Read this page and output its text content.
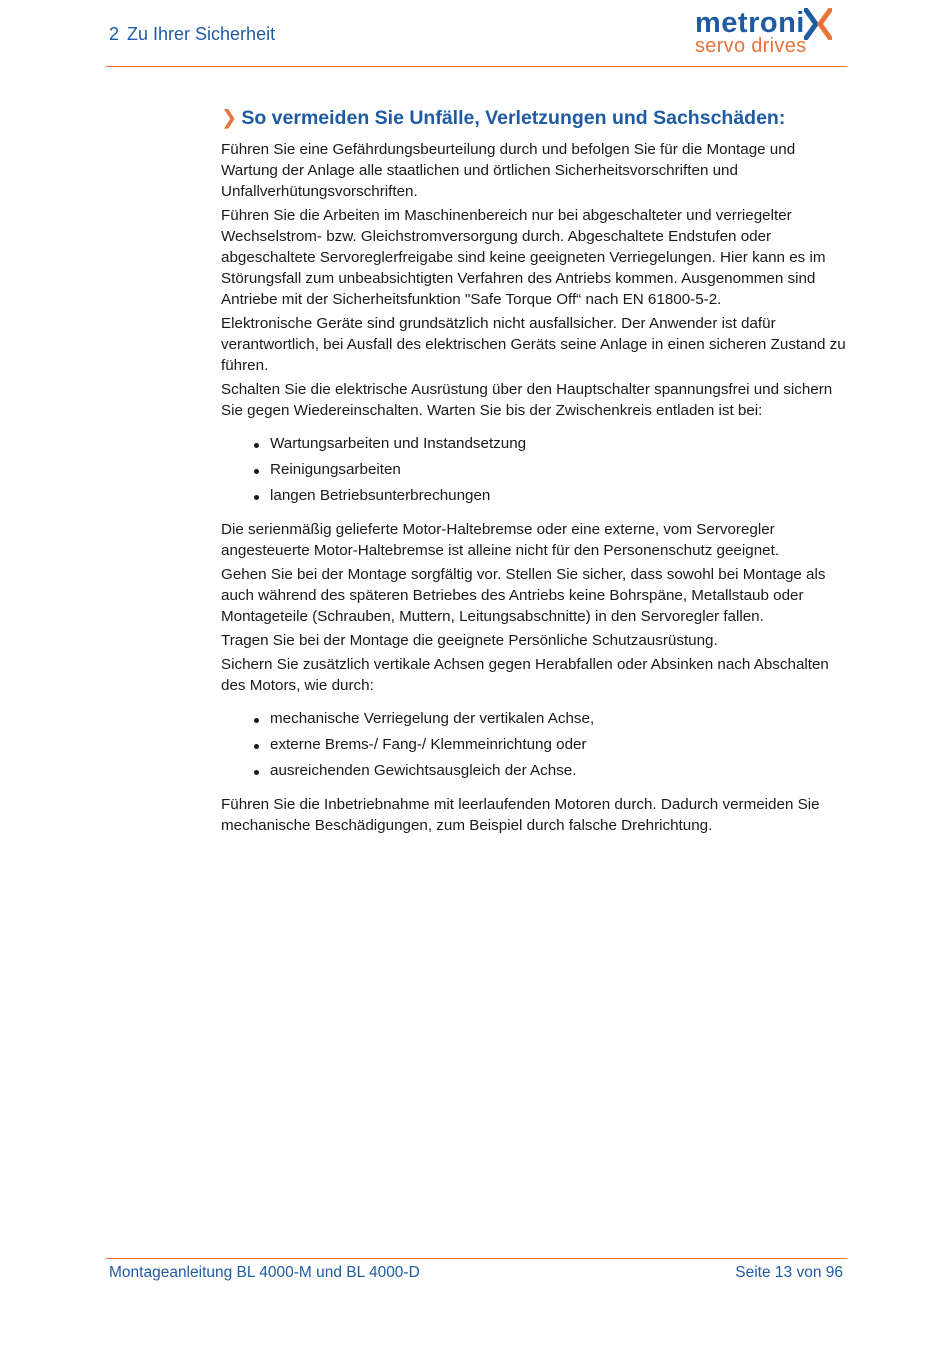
2 Zu Ihrer Sicherheit	metroni
servo drives
❯ So vermeiden Sie Unfälle, Verletzungen und Sachschäden:

Führen Sie eine Gefährdungsbeurteilung durch und befolgen Sie für die Montage und Wartung der Anlage alle staatlichen und örtlichen Sicherheitsvorschriften und Unfallverhütungsvorschriften.

Führen Sie die Arbeiten im Maschinenbereich nur bei abgeschalteter und verriegelter Wechselstrom- bzw. Gleichstromversorgung durch. Abgeschaltete Endstufen oder abgeschaltete Servoreglerfreigabe sind keine geeigneten Verriegelungen. Hier kann es im Störungsfall zum unbeabsichtigten Verfahren des Antriebs kommen. Ausgenommen sind Antriebe mit der Sicherheitsfunktion "Safe Torque Off“ nach EN 61800-5-2.

Elektronische Geräte sind grundsätzlich nicht ausfallsicher. Der Anwender ist dafür verantwortlich, bei Ausfall des elektrischen Geräts seine Anlage in einen sicheren Zustand zu führen.

Schalten Sie die elektrische Ausrüstung über den Hauptschalter spannungsfrei und sichern Sie gegen Wiedereinschalten. Warten Sie bis der Zwischenkreis entladen ist bei:

Wartungsarbeiten und Instandsetzung
Reinigungsarbeiten
langen Betriebsunterbrechungen

Die serienmäßig gelieferte Motor-Haltebremse oder eine externe, vom Servoregler angesteuerte Motor-Haltebremse ist alleine nicht für den Personenschutz geeignet.

Gehen Sie bei der Montage sorgfältig vor. Stellen Sie sicher, dass sowohl bei Montage als auch während des späteren Betriebes des Antriebs keine Bohrspäne, Metallstaub oder Montageteile (Schrauben, Muttern, Leitungsabschnitte) in den Servoregler fallen.

Tragen Sie bei der Montage die geeignete Persönliche Schutzausrüstung.

Sichern Sie zusätzlich vertikale Achsen gegen Herabfallen oder Absinken nach Abschalten des Motors, wie durch:

mechanische Verriegelung der vertikalen Achse,
externe Brems-/ Fang-/ Klemmeinrichtung oder
ausreichenden Gewichtsausgleich der Achse.

Führen Sie die Inbetriebnahme mit leerlaufenden Motoren durch. Dadurch vermeiden Sie mechanische Beschädigungen, zum Beispiel durch falsche Drehrichtung.

Montageanleitung BL 4000-M und BL 4000-D	Seite 13 von 96
